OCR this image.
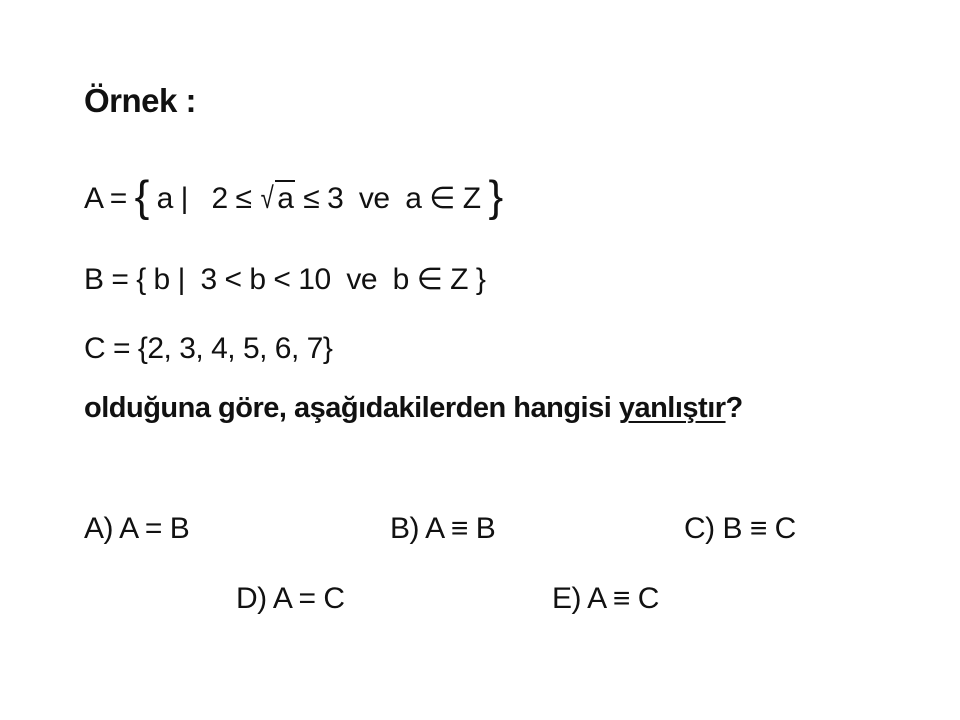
Örnek :
A = { a | 2 ≤ √ a ≤ 3 ve  a ∈ Z }
B = { b |  3 < b < 10  ve  b ∈ Z }
C = {2, 3, 4, 5, 6, 7}
olduğuna göre, aşağıdakilerden hangisi yanlıştır?
A) A = B	B) A ≡ B	C) B ≡ C
D) A = C	E) A ≡ C
